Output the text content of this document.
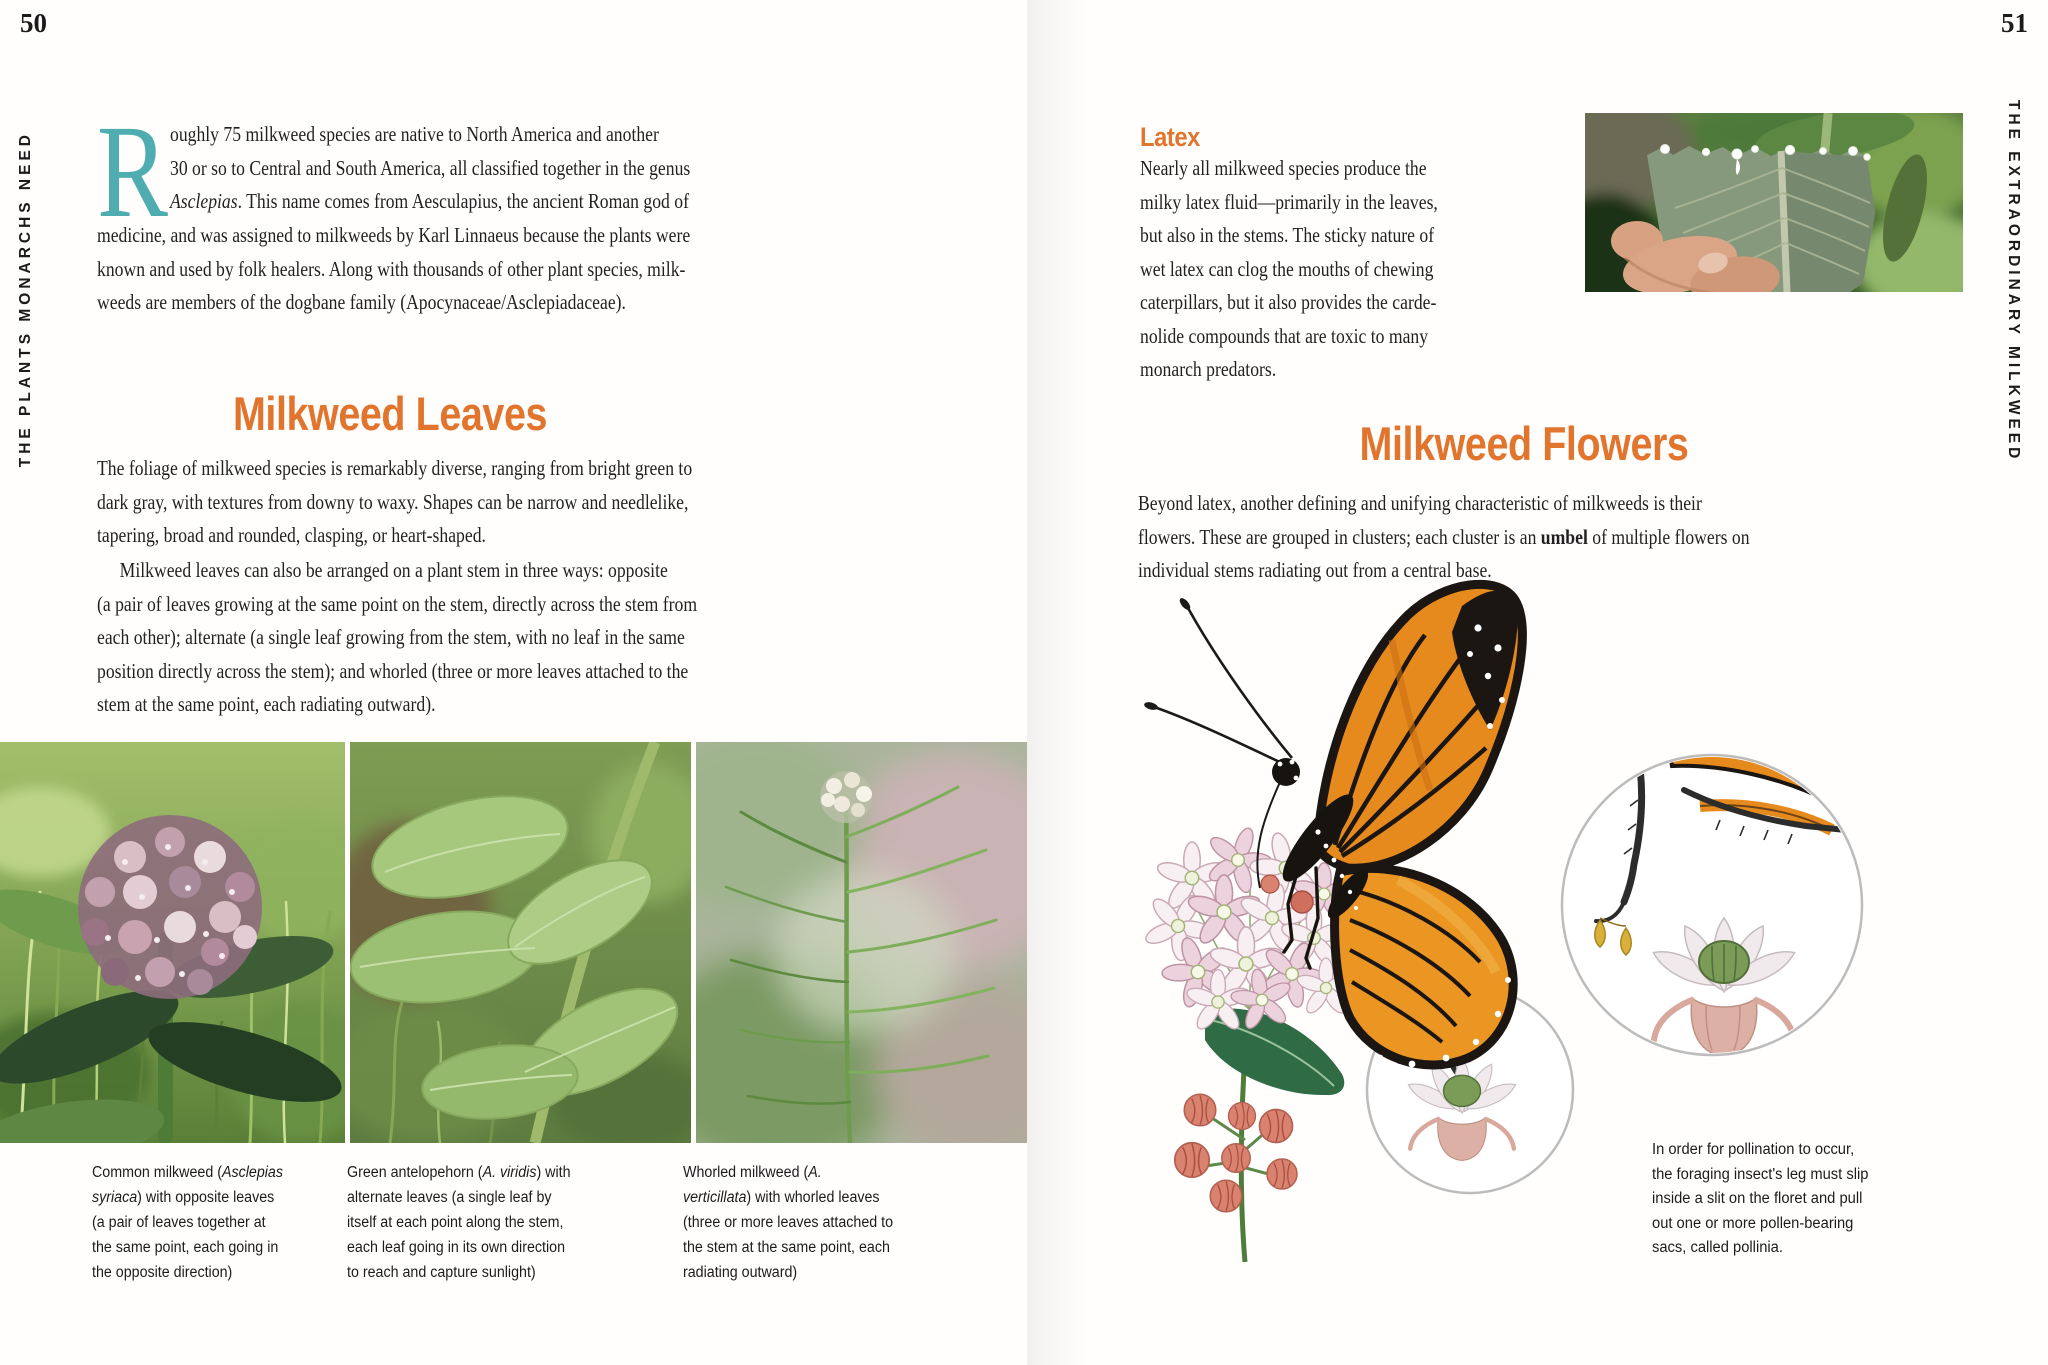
50
THE PLANTS MONARCHS NEED R oughly 75 milkweed species are native to North America and another
30 or so to Central and South America, all classified together in the genus
Asclepias. This name comes from Aesculapius, the ancient Roman god of
medicine, and was assigned to milkweeds by Karl Linnaeus because the plants were
known and used by folk healers. Along with thousands of other plant species, milk-
weeds are members of the dogbane family (Apocynaceae/Asclepiadaceae).
Milkweed Leaves
The foliage of milkweed species is remarkably diverse, ranging from bright green to
dark gray, with textures from downy to waxy. Shapes can be narrow and needlelike,
tapering, broad and rounded, clasping, or heart-shaped.
Milkweed leaves can also be arranged on a plant stem in three ways: opposite
(a pair of leaves growing at the same point on the stem, directly across the stem from
each other); alternate (a single leaf growing from the stem, with no leaf in the same
position directly across the stem); and whorled (three or more leaves attached to the
stem at the same point, each radiating outward).
Common milkweed (Asclepias
syriaca) with opposite leaves
(a pair of leaves together at
the same point, each going in
the opposite direction)
Green antelopehorn (A. viridis) with
alternate leaves (a single leaf by
itself at each point along the stem,
each leaf going in its own direction
to reach and capture sunlight)
Whorled milkweed (A.
verticillata) with whorled leaves
(three or more leaves attached to
the stem at the same point, each
radiating outward)
51
THE EXTRAORDINARY MILKWEED
Latex
Nearly all milkweed species produce the
milky latex fluid—primarily in the leaves,
but also in the stems. The sticky nature of
wet latex can clog the mouths of chewing
caterpillars, but it also provides the carde-
nolide compounds that are toxic to many
monarch predators.
Milkweed Flowers
Beyond latex, another defining and unifying characteristic of milkweeds is their
flowers. These are grouped in clusters; each cluster is an umbel of multiple flowers on
individual stems radiating out from a central base.
In order for pollination to occur,
the foraging insect's leg must slip
inside a slit on the floret and pull
out one or more pollen-bearing
sacs, called pollinia.
